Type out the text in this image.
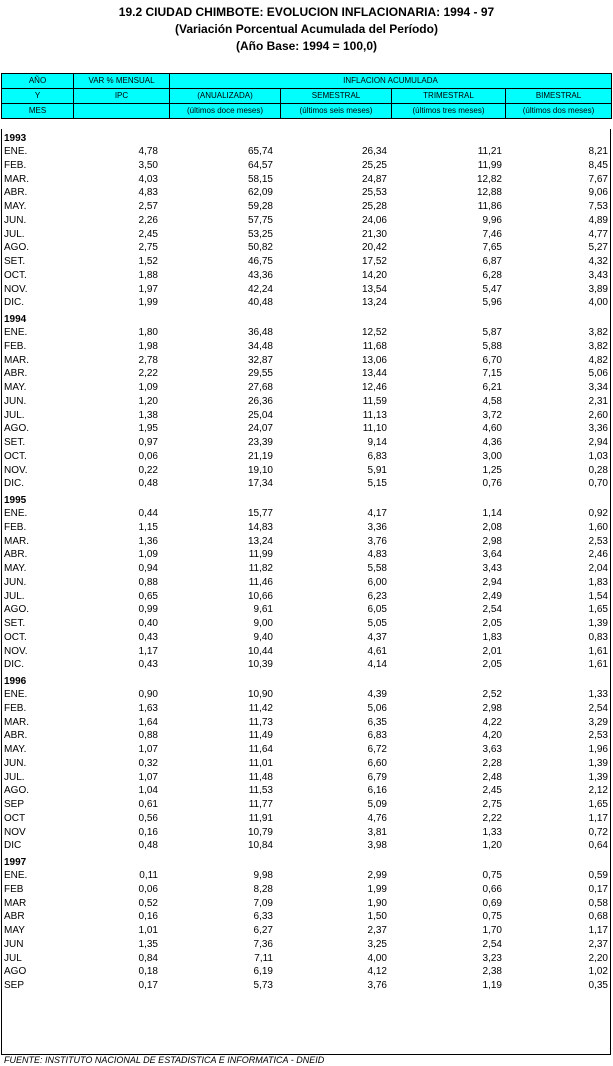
19.2 CIUDAD CHIMBOTE: EVOLUCION INFLACIONARIA: 1994 - 97
(Variación Porcentual Acumulada del Período)
(Año Base: 1994 = 100,0)
AÑO	VAR % MENSUAL	INFLACION ACUMULADA			
Y	IPC	(ANUALIZADA)	SEMESTRAL	TRIMESTRAL	BIMESTRAL
MES		(últimos doce meses)	(últimos seis meses)	(últimos tres meses)	(últimos dos meses)
1993
ENE.	4,78	65,74	26,34	11,21	8,21
FEB.	3,50	64,57	25,25	11,99	8,45
MAR.	4,03	58,15	24,87	12,82	7,67
ABR.	4,83	62,09	25,53	12,88	9,06
MAY.	2,57	59,28	25,28	11,86	7,53
JUN.	2,26	57,75	24,06	9,96	4,89
JUL.	2,45	53,25	21,30	7,46	4,77
AGO.	2,75	50,82	20,42	7,65	5,27
SET.	1,52	46,75	17,52	6,87	4,32
OCT.	1,88	43,36	14,20	6,28	3,43
NOV.	1,97	42,24	13,54	5,47	3,89
DIC.	1,99	40,48	13,24	5,96	4,00
1994
ENE.	1,80	36,48	12,52	5,87	3,82
FEB.	1,98	34,48	11,68	5,88	3,82
MAR.	2,78	32,87	13,06	6,70	4,82
ABR.	2,22	29,55	13,44	7,15	5,06
MAY.	1,09	27,68	12,46	6,21	3,34
JUN.	1,20	26,36	11,59	4,58	2,31
JUL.	1,38	25,04	11,13	3,72	2,60
AGO.	1,95	24,07	11,10	4,60	3,36
SET.	0,97	23,39	9,14	4,36	2,94
OCT.	0,06	21,19	6,83	3,00	1,03
NOV.	0,22	19,10	5,91	1,25	0,28
DIC.	0,48	17,34	5,15	0,76	0,70
1995
ENE.	0,44	15,77	4,17	1,14	0,92
FEB.	1,15	14,83	3,36	2,08	1,60
MAR.	1,36	13,24	3,76	2,98	2,53
ABR.	1,09	11,99	4,83	3,64	2,46
MAY.	0,94	11,82	5,58	3,43	2,04
JUN.	0,88	11,46	6,00	2,94	1,83
JUL.	0,65	10,66	6,23	2,49	1,54
AGO.	0,99	9,61	6,05	2,54	1,65
SET.	0,40	9,00	5,05	2,05	1,39
OCT.	0,43	9,40	4,37	1,83	0,83
NOV.	1,17	10,44	4,61	2,01	1,61
DIC.	0,43	10,39	4,14	2,05	1,61
1996
ENE.	0,90	10,90	4,39	2,52	1,33
FEB.	1,63	11,42	5,06	2,98	2,54
MAR.	1,64	11,73	6,35	4,22	3,29
ABR.	0,88	11,49	6,83	4,20	2,53
MAY.	1,07	11,64	6,72	3,63	1,96
JUN.	0,32	11,01	6,60	2,28	1,39
JUL.	1,07	11,48	6,79	2,48	1,39
AGO.	1,04	11,53	6,16	2,45	2,12
SEP	0,61	11,77	5,09	2,75	1,65
OCT	0,56	11,91	4,76	2,22	1,17
NOV	0,16	10,79	3,81	1,33	0,72
DIC	0,48	10,84	3,98	1,20	0,64
1997
ENE.	0,11	9,98	2,99	0,75	0,59
FEB	0,06	8,28	1,99	0,66	0,17
MAR	0,52	7,09	1,90	0,69	0,58
ABR	0,16	6,33	1,50	0,75	0,68
MAY	1,01	6,27	2,37	1,70	1,17
JUN	1,35	7,36	3,25	2,54	2,37
JUL	0,84	7,11	4,00	3,23	2,20
AGO	0,18	6,19	4,12	2,38	1,02
SEP	0,17	5,73	3,76	1,19	0,35
FUENTE: INSTITUTO NACIONAL DE ESTADISTICA E INFORMATICA - DNEID
